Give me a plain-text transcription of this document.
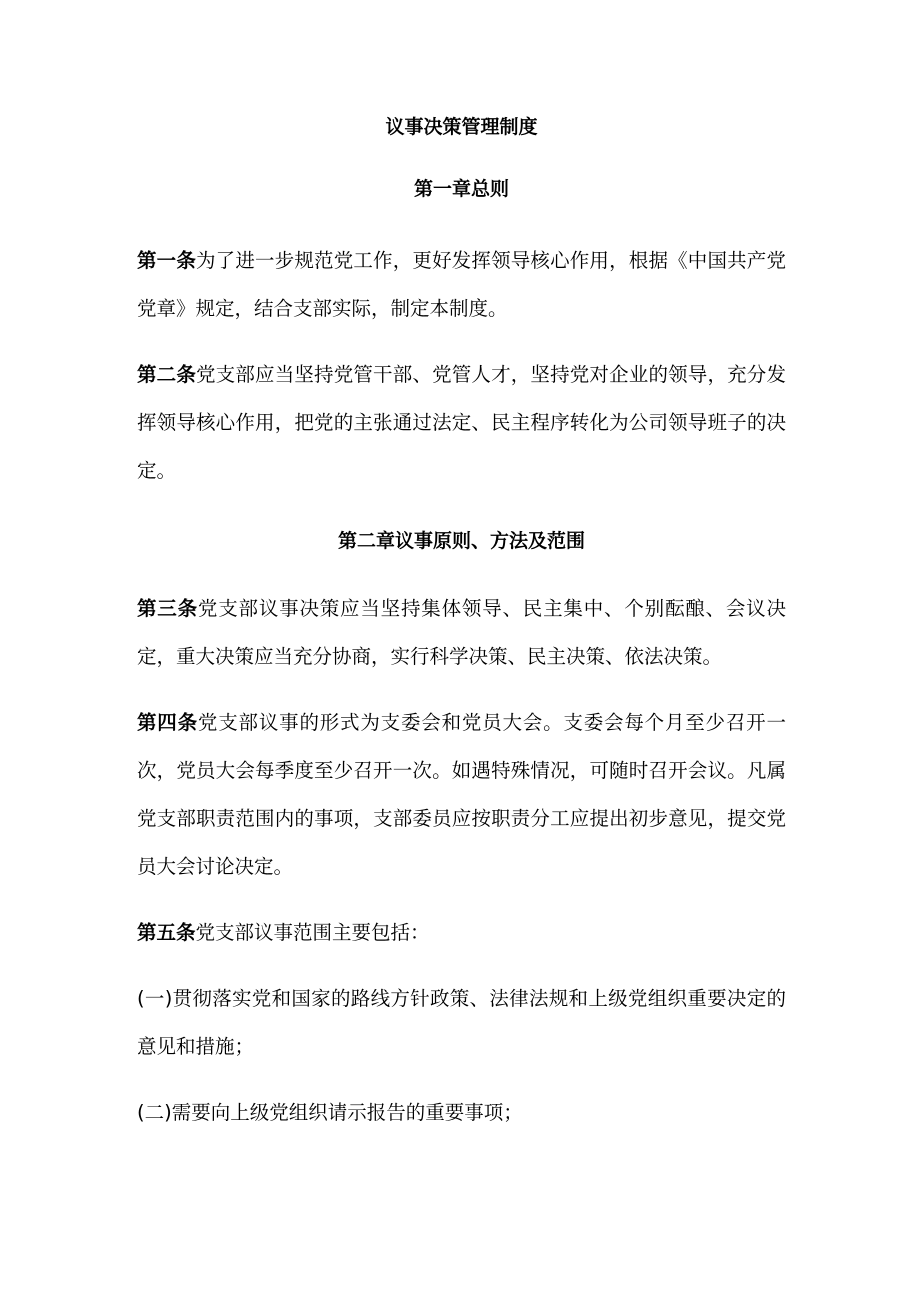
议事决策管理制度
第一章总则

第一条为了进一步规范党工作，更好发挥领导核心作用，根据《中国共产党党章》规定，结合支部实际，制定本制度。

第二条党支部应当坚持党管干部、党管人才，坚持党对企业的领导，充分发挥领导核心作用，把党的主张通过法定、民主程序转化为公司领导班子的决定。

第二章议事原则、方法及范围

第三条党支部议事决策应当坚持集体领导、民主集中、个别酝酿、会议决定，重大决策应当充分协商，实行科学决策、民主决策、依法决策。

第四条党支部议事的形式为支委会和党员大会。支委会每个月至少召开一次，党员大会每季度至少召开一次。如遇特殊情况，可随时召开会议。凡属党支部职责范围内的事项，支部委员应按职责分工应提出初步意见，提交党员大会讨论决定。

第五条党支部议事范围主要包括：

(一)贯彻落实党和国家的路线方针政策、法律法规和上级党组织重要决定的意见和措施；

(二)需要向上级党组织请示报告的重要事项；
